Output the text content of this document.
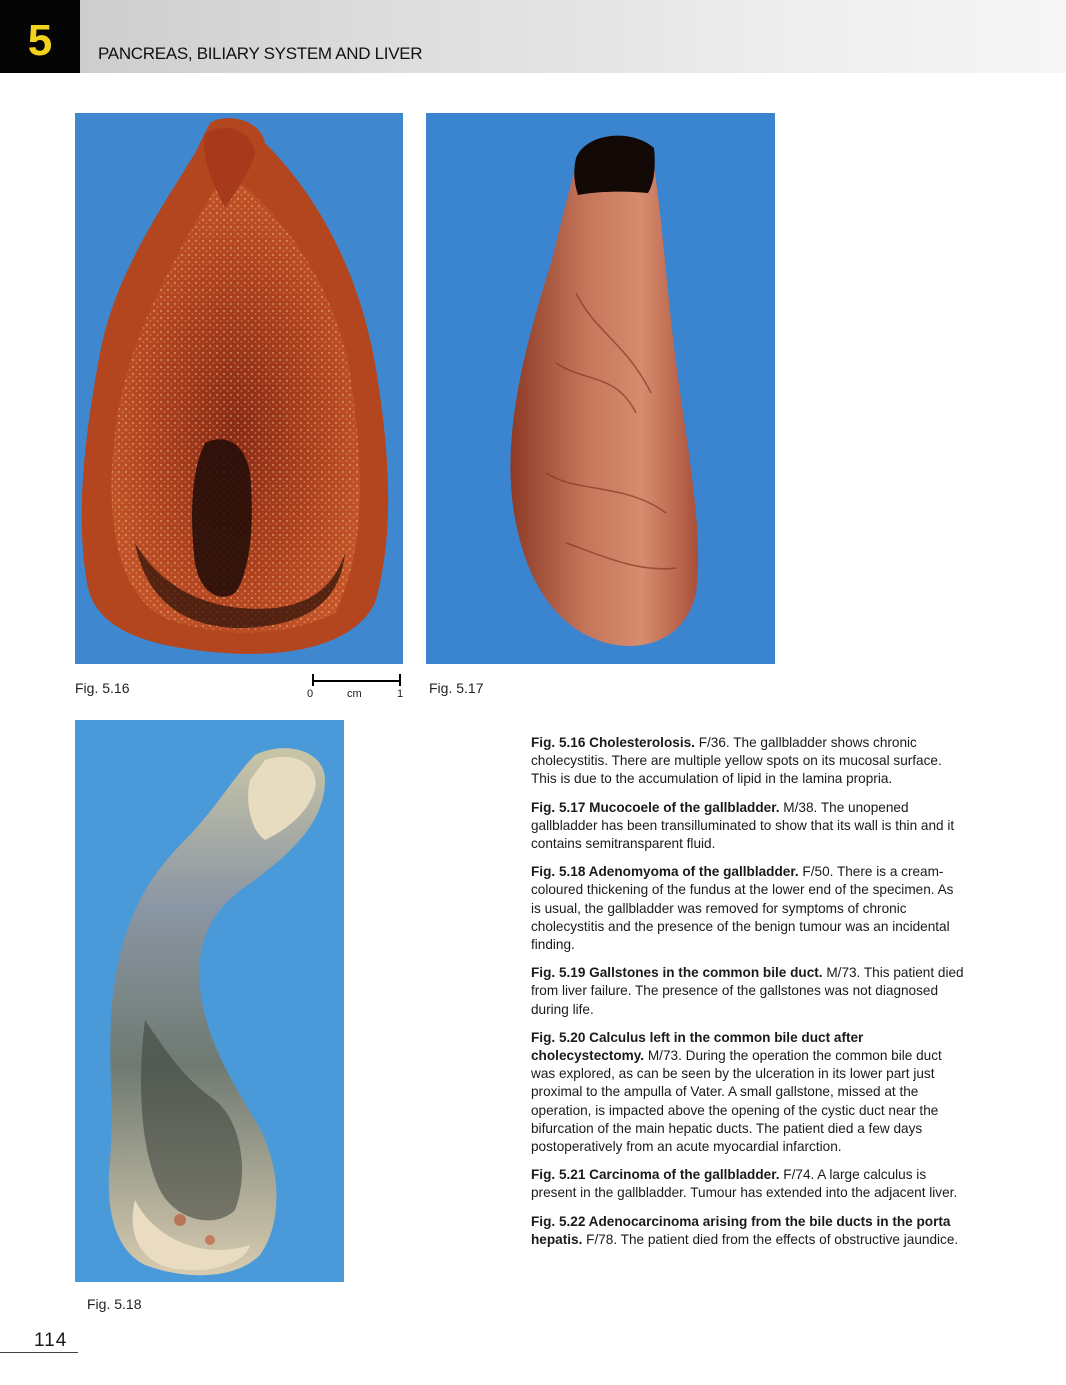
5	PANCREAS, BILIARY SYSTEM AND LIVER
Fig. 5.16	0	cm	1 Fig. 5.17
Fig. 5.18

Fig. 5.16 Cholesterolosis. F/36. The gallbladder shows chronic cholecystitis. There are multiple yellow spots on its mucosal surface. This is due to the accumulation of lipid in the lamina propria.

Fig. 5.17 Mucocoele of the gallbladder. M/38. The unopened gallbladder has been transilluminated to show that its wall is thin and it contains semitransparent fluid.

Fig. 5.18 Adenomyoma of the gallbladder. F/50. There is a cream-coloured thickening of the fundus at the lower end of the specimen. As is usual, the gallbladder was removed for symptoms of chronic cholecystitis and the presence of the benign tumour was an incidental finding.

Fig. 5.19 Gallstones in the common bile duct. M/73. This patient died from liver failure. The presence of the gallstones was not diagnosed during life.

Fig. 5.20 Calculus left in the common bile duct after cholecystectomy. M/73. During the operation the common bile duct was explored, as can be seen by the ulceration in its lower part just proximal to the ampulla of Vater. A small gallstone, missed at the operation, is impacted above the opening of the cystic duct near the bifurcation of the main hepatic ducts. The patient died a few days postoperatively from an acute myocardial infarction.

Fig. 5.21 Carcinoma of the gallbladder. F/74. A large calculus is present in the gallbladder. Tumour has extended into the adjacent liver.

Fig. 5.22 Adenocarcinoma arising from the bile ducts in the porta hepatis. F/78. The patient died from the effects of obstructive jaundice.

114
